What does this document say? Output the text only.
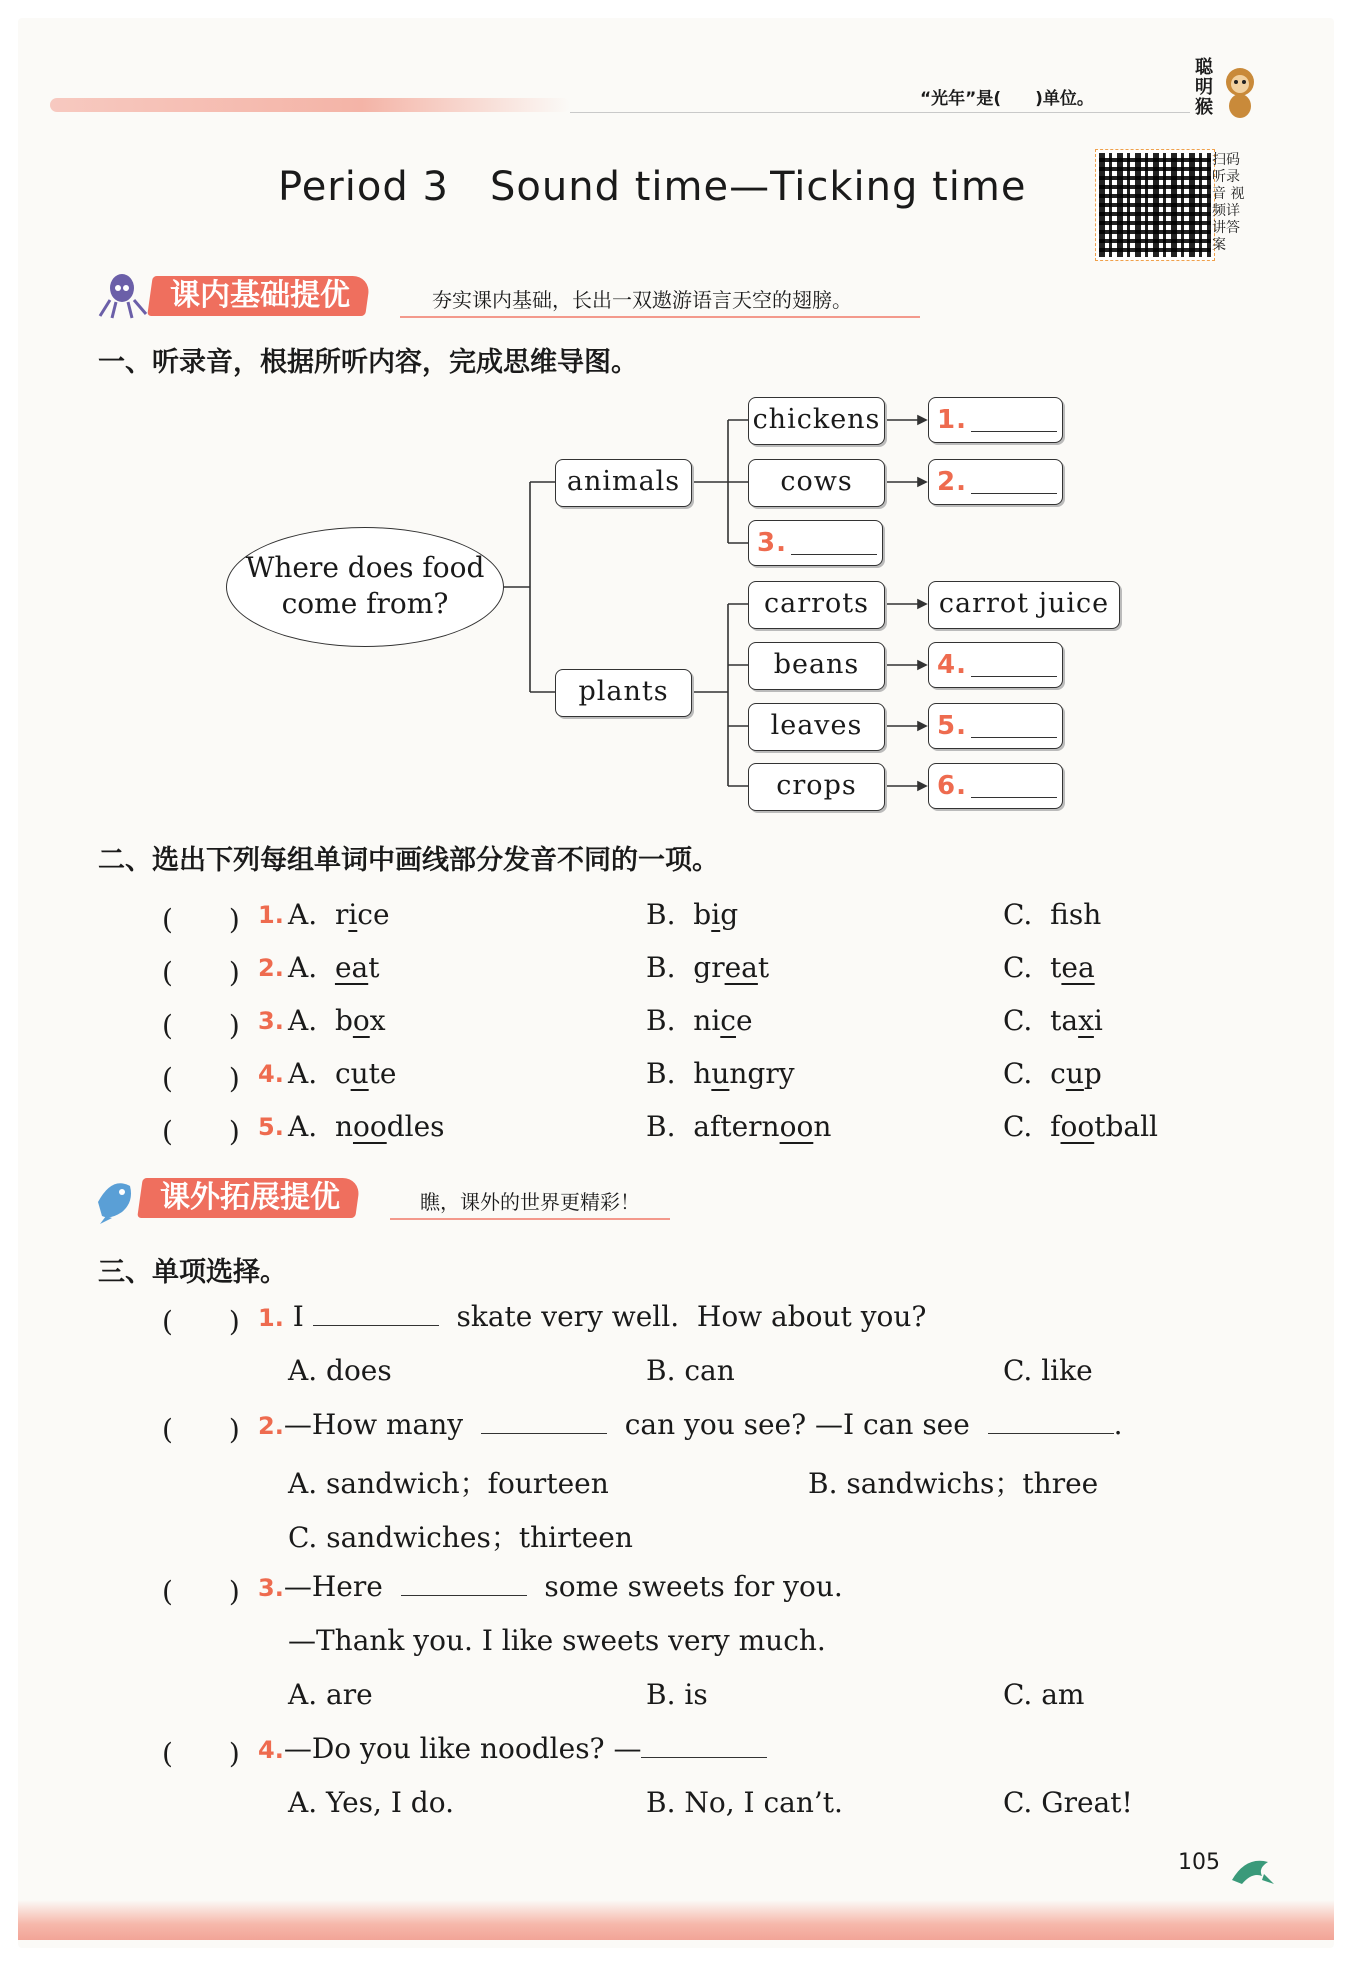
“光年”是(　　)单位。
聪明猴
Period 3   Sound time—Ticking time
扫码听录音 视频详讲答案
课内基础提优	夯实课内基础，长出一双遨游语言天空的翅膀。
一、听录音，根据所听内容，完成思维导图。
Where does food
come from?
animals
plants
chickens
cows
3.
carrots
beans
leaves
crops
1.
2.
carrot juice
4.
5.
6.
二、选出下列每组单词中画线部分发音不同的一项。
(　　) 1. A. rice	B. big	C. fsh
(　　) 2. A. eat	B. great	C. tea
(　　) 3. A. box	B. nice	C. taxi
(　　) 4. A. cute	B. hungry	C. cup
(　　) 5. A. noodles	B. afternoon	C. football
课外拓展提优	瞧，课外的世界更精彩！
三、单项选择。
(　　) 1. I	skate very well.  How about you?
A. does	B. can	C. like
(　　) 2.—How many	can you see? —I can see	.
A. sandwich；fourteen	B. sandwichs；three
C. sandwiches；thirteen
(　　) 3.—Here	some sweets for you.
—Thank you. I like sweets very much.
A. are	B. is	C. am
(　　) 4.—Do you like noodles? —
A. Yes, I do.	B. No, I can’t.	C. Great!
105
